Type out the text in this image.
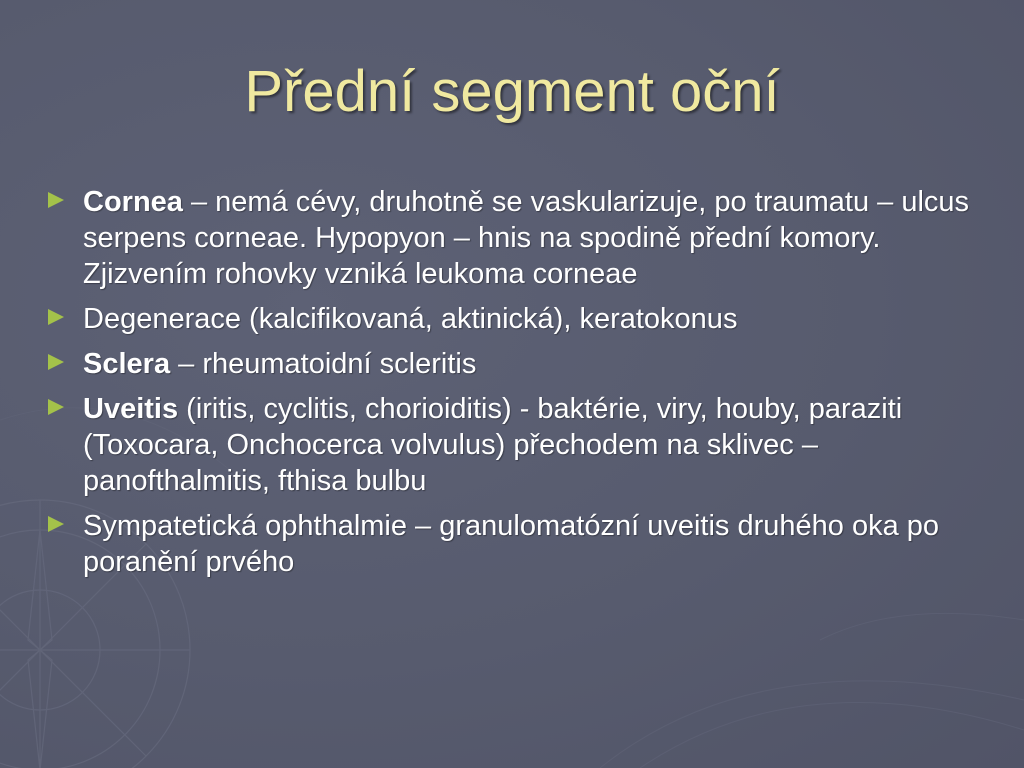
Přední segment oční
Cornea – nemá cévy, druhotně se vaskularizuje, po traumatu – ulcus serpens corneae. Hypopyon – hnis na spodině přední komory. Zjizvením rohovky vzniká leukoma corneae
Degenerace (kalcifikovaná, aktinická), keratokonus
Sclera – rheumatoidní scleritis
Uveitis (iritis, cyclitis, chorioiditis) - baktérie, viry, houby, paraziti (Toxocara, Onchocerca volvulus) přechodem na sklivec – panofthalmitis, fthisa bulbu
Sympatetická ophthalmie – granulomatózní uveitis druhého oka po poranění prvého
